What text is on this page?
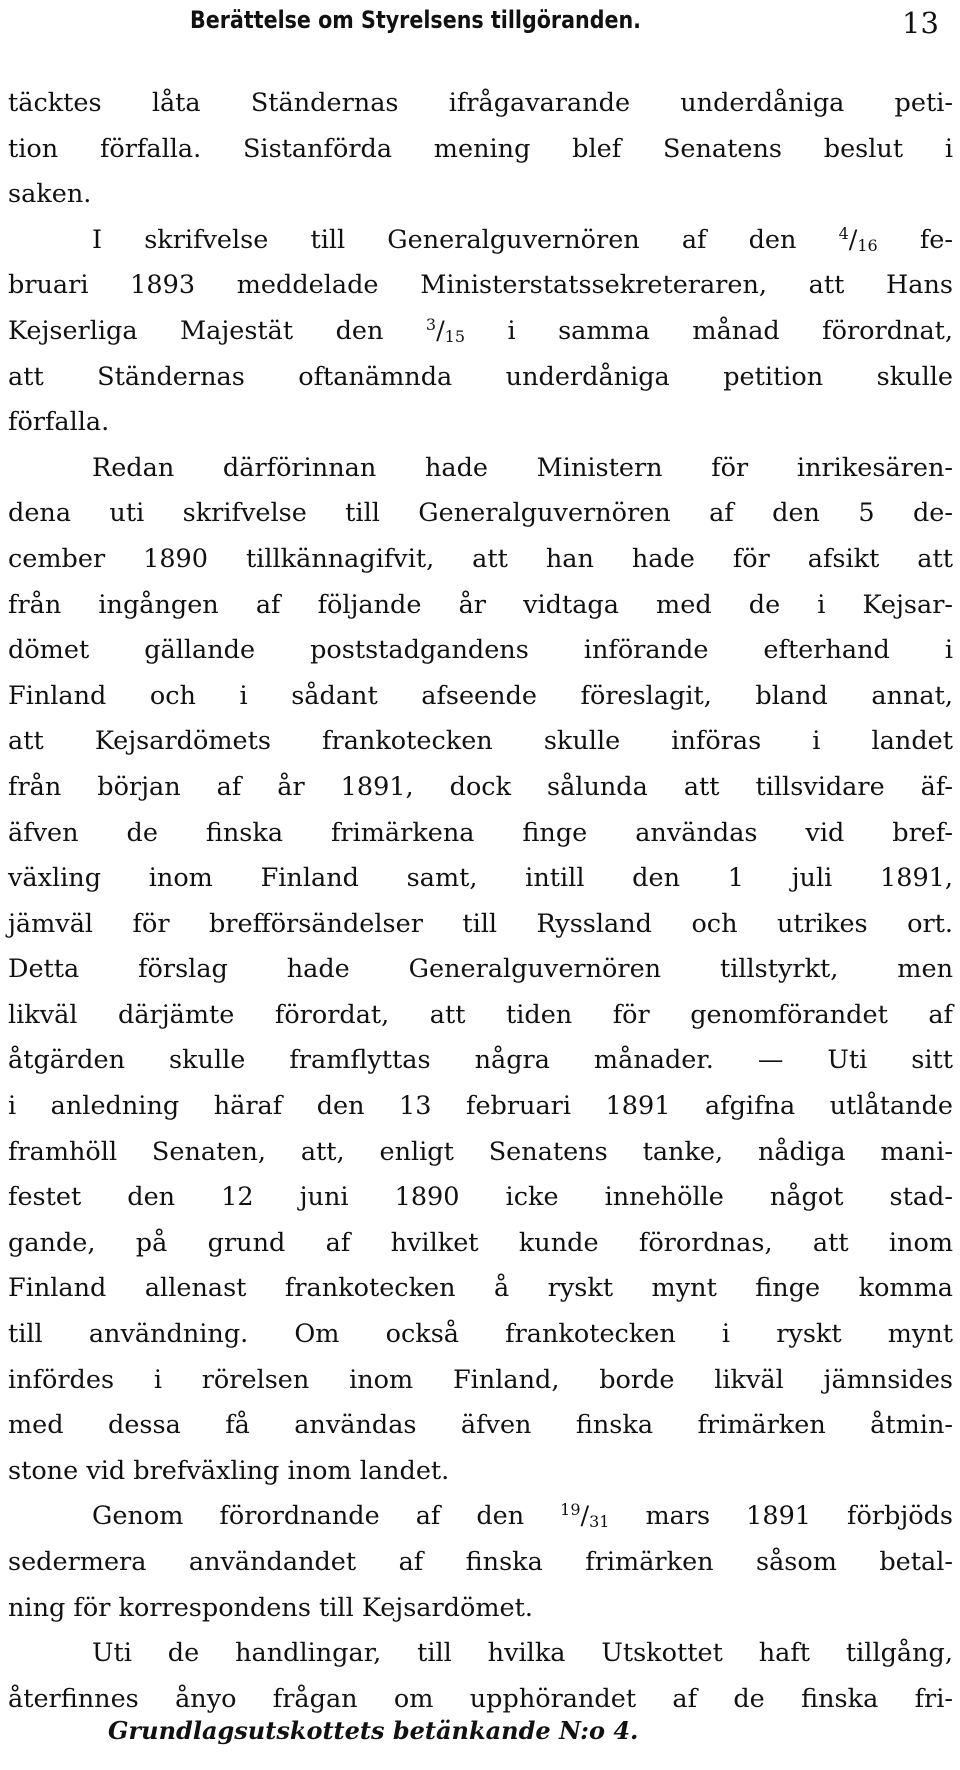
Berättelse om Styrelsens tillgöranden.	13
täcktes låta Ständernas ifrågavarande underdåniga peti-
tion förfalla. Sistanförda mening blef Senatens beslut i
saken.
I skrifvelse till Generalguvernören af den $^4$/16 fe-
bruari 1893 meddelade Ministerstatssekreteraren, att Hans
Kejserliga Majestät den $^3$/15 i samma månad förordnat,
att Ständernas oftanämnda underdåniga petition skulle
förfalla.
Redan därförinnan hade Ministern för inrikesären-
dena uti skrifvelse till Generalguvernören af den 5 de-
cember 1890 tillkännagifvit, att han hade för afsikt att
från ingången af följande år vidtaga med de i Kejsar-
dömet gällande poststadgandens införande efterhand i
Finland och i sådant afseende föreslagit, bland annat,
att Kejsardömets frankotecken skulle införas i landet
från början af år 1891, dock sålunda att tillsvidare äf-
äfven de finska frimärkena finge användas vid bref-
växling inom Finland samt, intill den 1 juli 1891,
jämväl för brefförsändelser till Ryssland och utrikes ort.
Detta förslag hade Generalguvernören tillstyrkt, men
likväl därjämte förordat, att tiden för genomförandet af
åtgärden skulle framflyttas några månader. — Uti sitt
i anledning häraf den 13 februari 1891 afgifna utlåtande
framhöll Senaten, att, enligt Senatens tanke, nådiga mani-
festet den 12 juni 1890 icke innehölle något stad-
gande, på grund af hvilket kunde förordnas, att inom
Finland allenast frankotecken å ryskt mynt finge komma
till användning. Om också frankotecken i ryskt mynt
infördes i rörelsen inom Finland, borde likväl jämnsides
med dessa få användas äfven finska frimärken åtmin-
stone vid brefväxling inom landet.
Genom förordnande af den $^{19}$/31 mars 1891 förbjöds
sedermera användandet af finska frimärken såsom betal-
ning för korrespondens till Kejsardömet.
Uti de handlingar, till hvilka Utskottet haft tillgång,
återfinnes ånyo frågan om upphörandet af de finska fri-
Grundlagsutskottets betänkande N:o 4.
